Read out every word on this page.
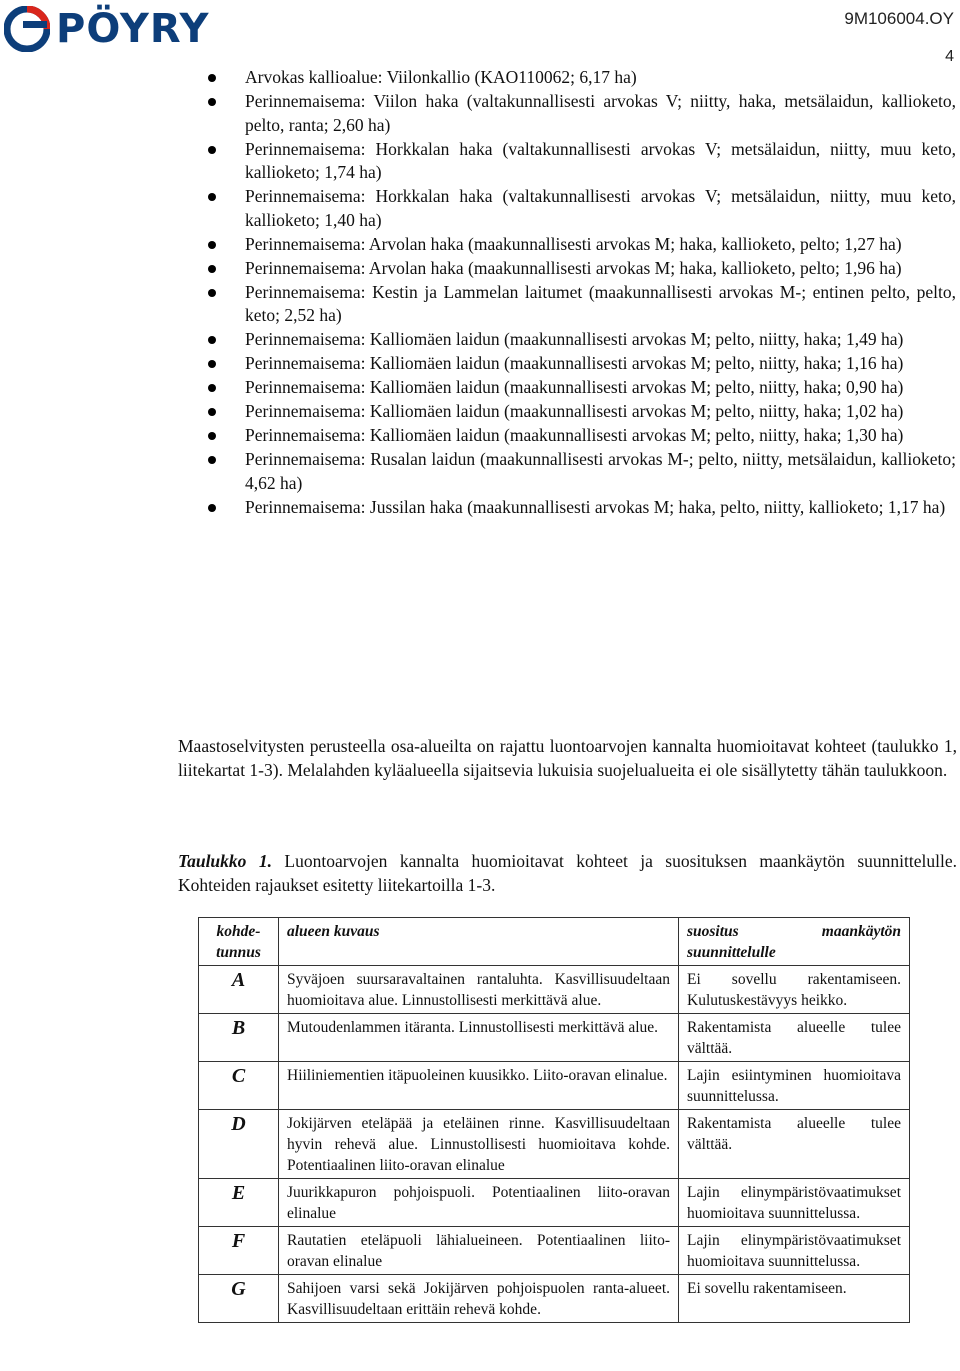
PÖYRY	9M106004.OY
4
Arvokas kallioalue: Viilonkallio (KAO110062; 6,17 ha)
Perinnemaisema: Viilon haka (valtakunnallisesti arvokas V; niitty, haka, metsälaidun, kallioketo, pelto, ranta; 2,60 ha)
Perinnemaisema: Horkkalan haka (valtakunnallisesti arvokas V; metsälaidun, niitty, muu keto, kallioketo; 1,74 ha)
Perinnemaisema: Horkkalan haka (valtakunnallisesti arvokas V; metsälaidun, niitty, muu keto, kallioketo; 1,40 ha)
Perinnemaisema: Arvolan haka (maakunnallisesti arvokas M; haka, kallioketo, pelto; 1,27 ha)
Perinnemaisema: Arvolan haka (maakunnallisesti arvokas M; haka, kallioketo, pelto; 1,96 ha)
Perinnemaisema: Kestin ja Lammelan laitumet (maakunnallisesti arvokas M-; entinen pelto, pelto, keto; 2,52 ha)
Perinnemaisema: Kalliomäen laidun (maakunnallisesti arvokas M; pelto, niitty, haka; 1,49 ha)
Perinnemaisema: Kalliomäen laidun (maakunnallisesti arvokas M; pelto, niitty, haka; 1,16 ha)
Perinnemaisema: Kalliomäen laidun (maakunnallisesti arvokas M; pelto, niitty, haka; 0,90 ha)
Perinnemaisema: Kalliomäen laidun (maakunnallisesti arvokas M; pelto, niitty, haka; 1,02 ha)
Perinnemaisema: Kalliomäen laidun (maakunnallisesti arvokas M; pelto, niitty, haka; 1,30 ha)
Perinnemaisema: Rusalan laidun (maakunnallisesti arvokas M-; pelto, niitty, metsälaidun, kallioketo; 4,62 ha)
Perinnemaisema: Jussilan haka (maakunnallisesti arvokas M; haka, pelto, niitty, kallioketo; 1,17 ha)

Maastoselvitysten perusteella osa-alueilta on rajattu luontoarvojen kannalta huomioitavat kohteet (taulukko 1, liitekartat 1-3). Melalahden kyläalueella sijaitsevia lukuisia suojelualueita ei ole sisällytetty tähän taulukkoon.

Taulukko 1. Luontoarvojen kannalta huomioitavat kohteet ja suosituksen maankäytön suunnittelulle. Kohteiden rajaukset esitetty liitekartoilla 1-3.

kohde-tunnus	alueen kuvaus	suositus maankäytön suunnittelulle
A	Syväjoen suursaravaltainen rantaluhta. Kasvillisuudeltaan huomioitava alue. Linnustollisesti merkittävä alue.	Ei sovellu rakentamiseen. Kulutuskestävyys heikko.
B	Mutoudenlammen itäranta. Linnustollisesti merkittävä alue.	Rakentamista alueelle tulee välttää.
C	Hiiliniementien itäpuoleinen kuusikko. Liito-oravan elinalue.	Lajin esiintyminen huomioitava suunnittelussa.
D	Jokijärven eteläpää ja eteläinen rinne. Kasvillisuudeltaan hyvin rehevä alue. Linnustollisesti huomioitava kohde. Potentiaalinen liito-oravan elinalue	Rakentamista alueelle tulee välttää.
E	Juurikkapuron pohjoispuoli. Potentiaalinen liito-oravan elinalue	Lajin elinympäristövaatimukset huomioitava suunnittelussa.
F	Rautatien eteläpuoli lähialueineen. Potentiaalinen liito-oravan elinalue	Lajin elinympäristövaatimukset huomioitava suunnittelussa.
G	Sahijoen varsi sekä Jokijärven pohjoispuolen ranta-alueet. Kasvillisuudeltaan erittäin rehevä kohde.	Ei sovellu rakentamiseen.
